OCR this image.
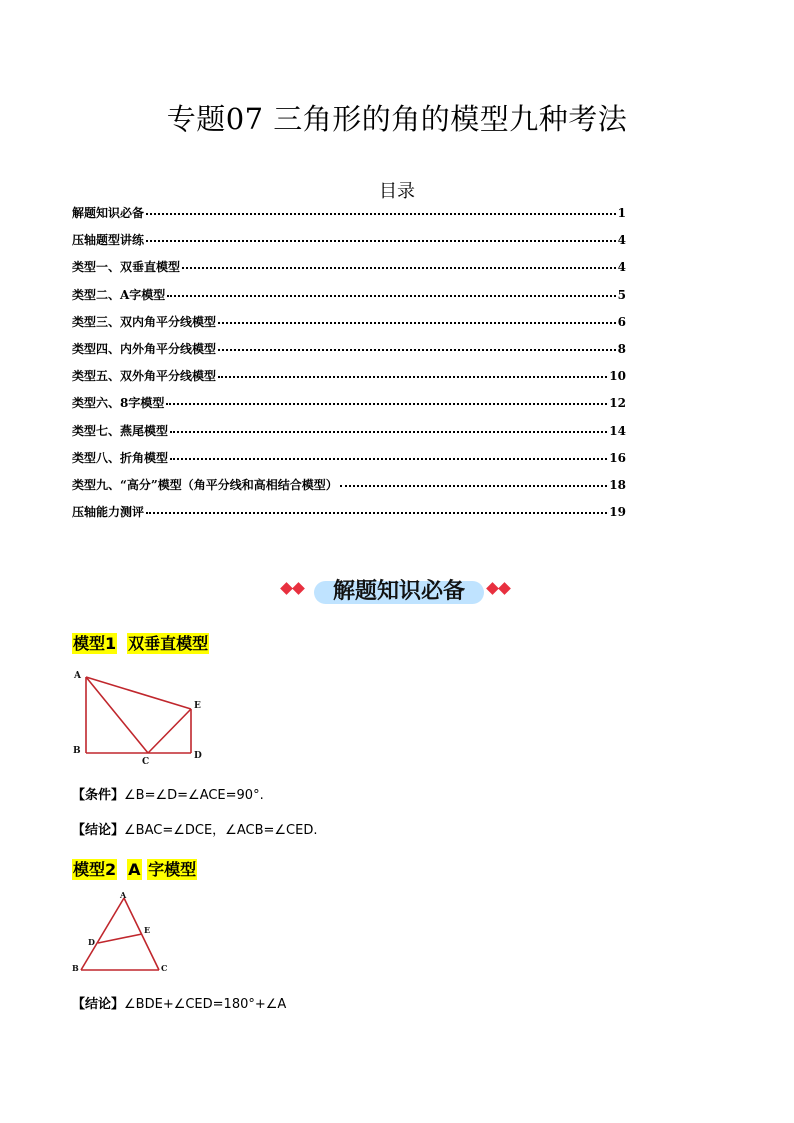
专题07 三角形的角的模型九种考法
目录
解题知识必备	1
压轴题型讲练	4
类型一、双垂直模型	4
类型二、A字模型	5
类型三、双内角平分线模型	6
类型四、内外角平分线模型	8
类型五、双外角平分线模型	10
类型六、8字模型	12
类型七、燕尾模型	14
类型八、折角模型	16
类型九、“高分”模型（角平分线和高相结合模型）	18
压轴能力测评	19
解题知识必备
模型1 双垂直模型
A
B
C
D
E
【条件】∠B=∠D=∠ACE=90°.
【结论】∠BAC=∠DCE，∠ACB=∠CED.
模型2 A 字模型
A
B	C
D
E
【结论】∠BDE+∠CED=180°+∠A
